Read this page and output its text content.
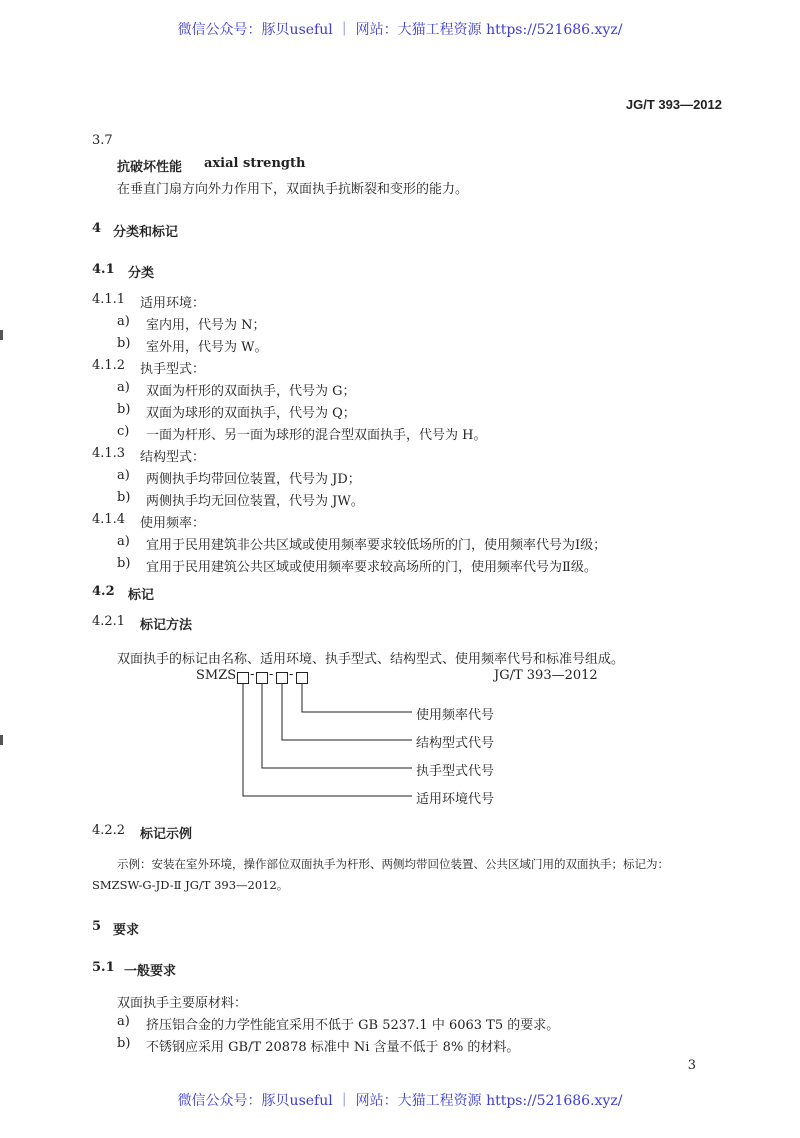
微信公众号：豚贝useful ｜ 网站：大猫工程资源 https://521686.xyz/
微信公众号：豚贝useful ｜ 网站：大猫工程资源 https://521686.xyz/
JG/T 393—2012
3.7
抗破坏性能 axial strength
在垂直门扇方向外力作用下，双面执手抗断裂和变形的能力。
4 分类和标记
4.1 分类
4.1.1 适用环境：
a) 室内用，代号为 N；
b) 室外用，代号为 W。
4.1.2 执手型式：
a) 双面为杆形的双面执手，代号为 G；
b) 双面为球形的双面执手，代号为 Q；
c) 一面为杆形、另一面为球形的混合型双面执手，代号为 H。
4.1.3 结构型式：
a) 两侧执手均带回位装置，代号为 JD；
b) 两侧执手均无回位装置，代号为 JW。
4.1.4 使用频率：
a) 宜用于民用建筑非公共区域或使用频率要求较低场所的门，使用频率代号为Ⅰ级；
b) 宜用于民用建筑公共区域或使用频率要求较高场所的门，使用频率代号为Ⅱ级。
4.2 标记
4.2.1 标记方法
双面执手的标记由名称、适用环境、执手型式、结构型式、使用频率代号和标准号组成。
SMZS - - -	JG/T 393—2012
使用频率代号
结构型式代号
执手型式代号
适用环境代号
4.2.2 标记示例
示例：安装在室外环境，操作部位双面执手为杆形、两侧均带回位装置、公共区域门用的双面执手；标记为：
SMZSW-G-JD-Ⅱ JG/T 393—2012。
5 要求
5.1 一般要求
双面执手主要原材料：
a) 挤压铝合金的力学性能宜采用不低于 GB 5237.1 中 6063 T5 的要求。
b) 不锈钢应采用 GB/T 20878 标准中 Ni 含量不低于 8% 的材料。
3
